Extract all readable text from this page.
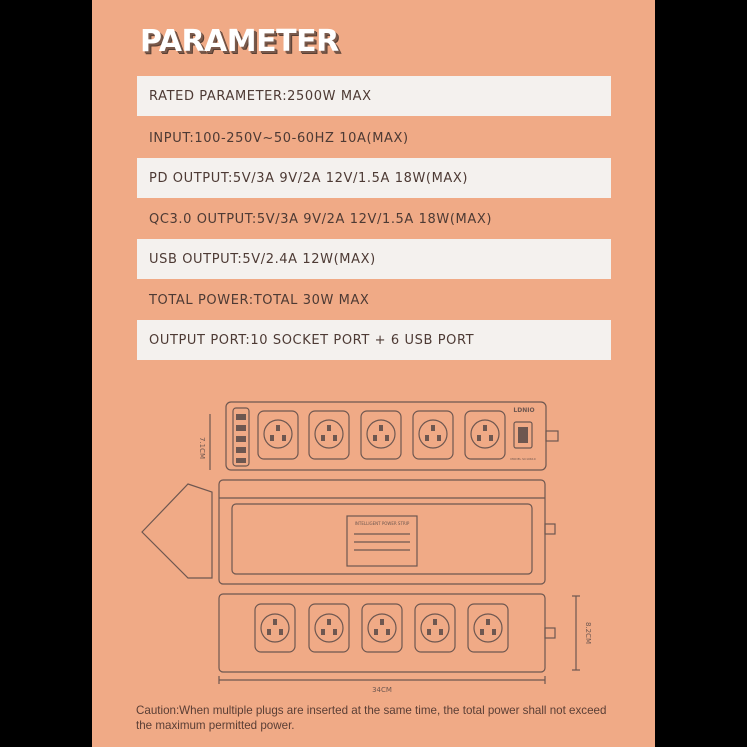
PARAMETER
RATED PARAMETER:2500W MAX
INPUT:100-250V~50-60HZ 10A(MAX)
PD OUTPUT:5V/3A 9V/2A 12V/1.5A 18W(MAX)
QC3.0 OUTPUT:5V/3A 9V/2A 12V/1.5A 18W(MAX)
USB OUTPUT:5V/2.4A 12W(MAX)
TOTAL POWER:TOTAL 30W MAX
OUTPUT PORT:10 SOCKET PORT + 6 USB PORT
7.1CM
LDNIO
MODEL SC10610
INTELLIGENT POWER STRIP
8.2CM
34CM

Caution:When multiple plugs are inserted at the same time, the total power shall not exceed the maximum permitted power.
